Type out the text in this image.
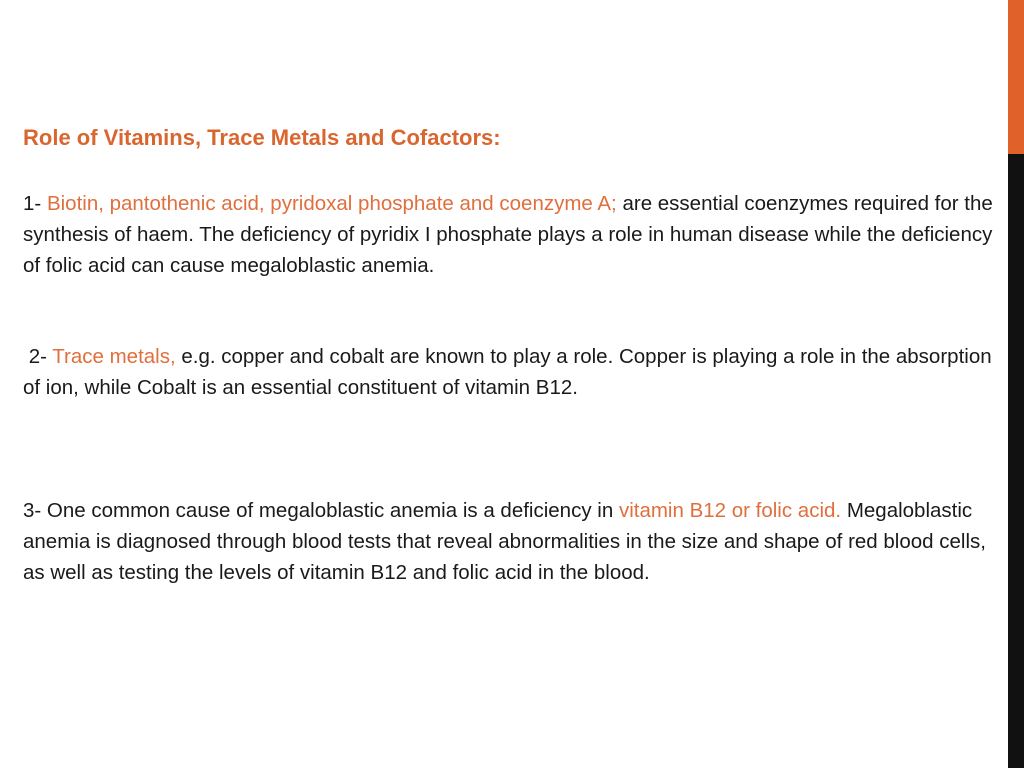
Role of Vitamins, Trace Metals and Cofactors:

1- Biotin, pantothenic acid, pyridoxal phosphate and coenzyme A; are essential coenzymes required for the synthesis of haem. The deficiency of pyridix I phosphate plays a role in human disease while the deficiency of folic acid can cause megaloblastic anemia.

2- Trace metals, e.g. copper and cobalt are known to play a role. Copper is playing a role in the absorption of ion, while Cobalt is an essential constituent of vitamin B12.

3- One common cause of megaloblastic anemia is a deficiency in vitamin B12 or folic acid. Megaloblastic anemia is diagnosed through blood tests that reveal abnormalities in the size and shape of red blood cells, as well as testing the levels of vitamin B12 and folic acid in the blood.
